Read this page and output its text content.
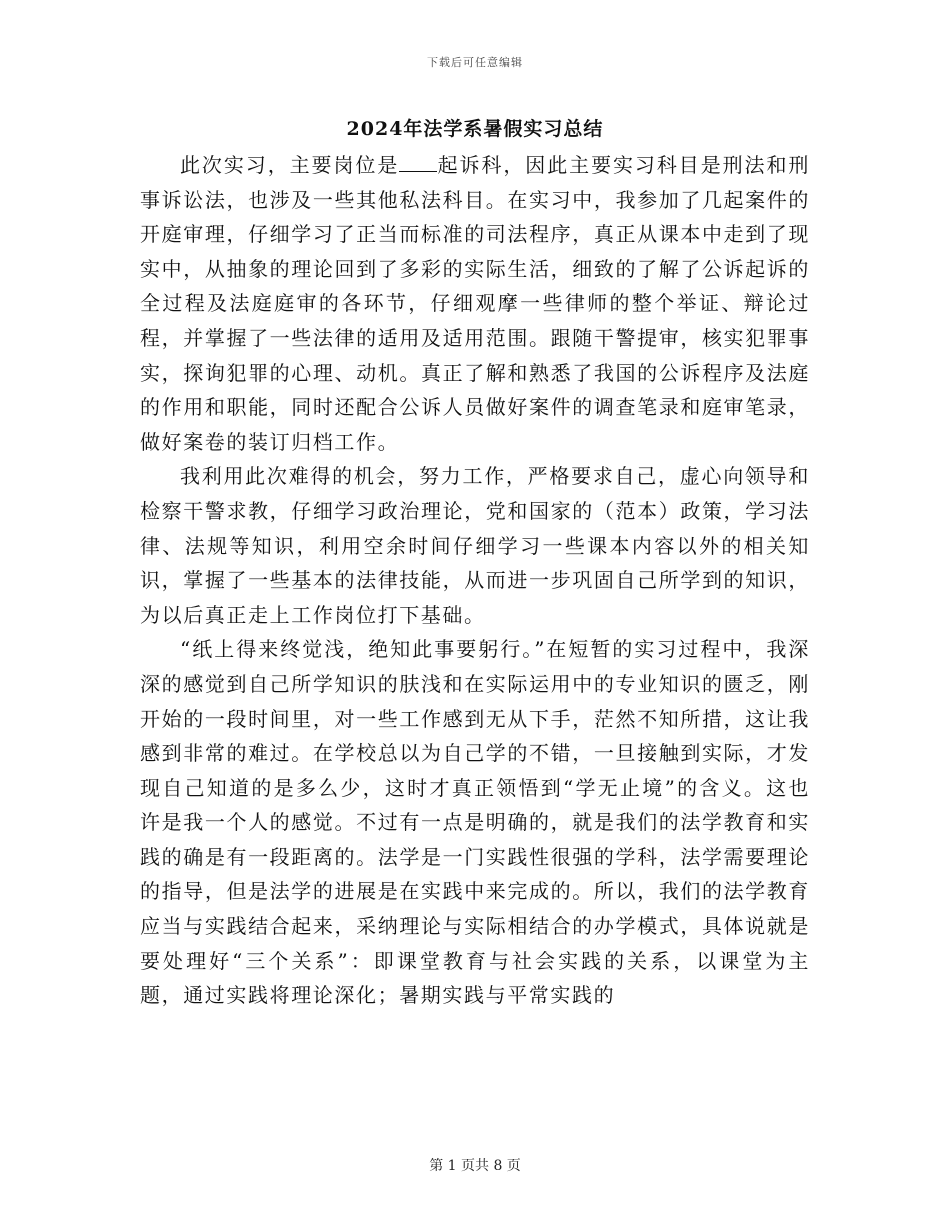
下载后可任意编辑
2024年法学系暑假实习总结

此次实习，主要岗位是 起诉科，因此主要实习科目是刑法和刑事诉讼法，也涉及一些其他私法科目。在实习中，我参加了几起案件的开庭审理，仔细学习了正当而标准的司法程序，真正从课本中走到了现实中，从抽象的理论回到了多彩的实际生活，细致的了解了公诉起诉的全过程及法庭庭审的各环节，仔细观摩一些律师的整个举证、辩论过程，并掌握了一些法律的适用及适用范围。跟随干警提审，核实犯罪事实，探询犯罪的心理、动机。真正了解和熟悉了我国的公诉程序及法庭的作用和职能，同时还配合公诉人员做好案件的调查笔录和庭审笔录，做好案卷的装订归档工作。

我利用此次难得的机会，努力工作，严格要求自己，虚心向领导和检察干警求教，仔细学习政治理论，党和国家的（范本）政策，学习法律、法规等知识，利用空余时间仔细学习一些课本内容以外的相关知识，掌握了一些基本的法律技能，从而进一步巩固自己所学到的知识，为以后真正走上工作岗位打下基础。

“纸上得来终觉浅，绝知此事要躬行。”在短暂的实习过程中，我深深的感觉到自己所学知识的肤浅和在实际运用中的专业知识的匮乏，刚开始的一段时间里，对一些工作感到无从下手，茫然不知所措，这让我感到非常的难过。在学校总以为自己学的不错，一旦接触到实际，才发现自己知道的是多么少，这时才真正领悟到“学无止境”的含义。这也许是我一个人的感觉。不过有一点是明确的，就是我们的法学教育和实践的确是有一段距离的。法学是一门实践性很强的学科，法学需要理论的指导，但是法学的进展是在实践中来完成的。所以，我们的法学教育应当与实践结合起来，采纳理论与实际相结合的办学模式，具体说就是要处理好“三个关系”：即课堂教育与社会实践的关系，以课堂为主题，通过实践将理论深化；暑期实践与平常实践的

第 1 页共 8 页
